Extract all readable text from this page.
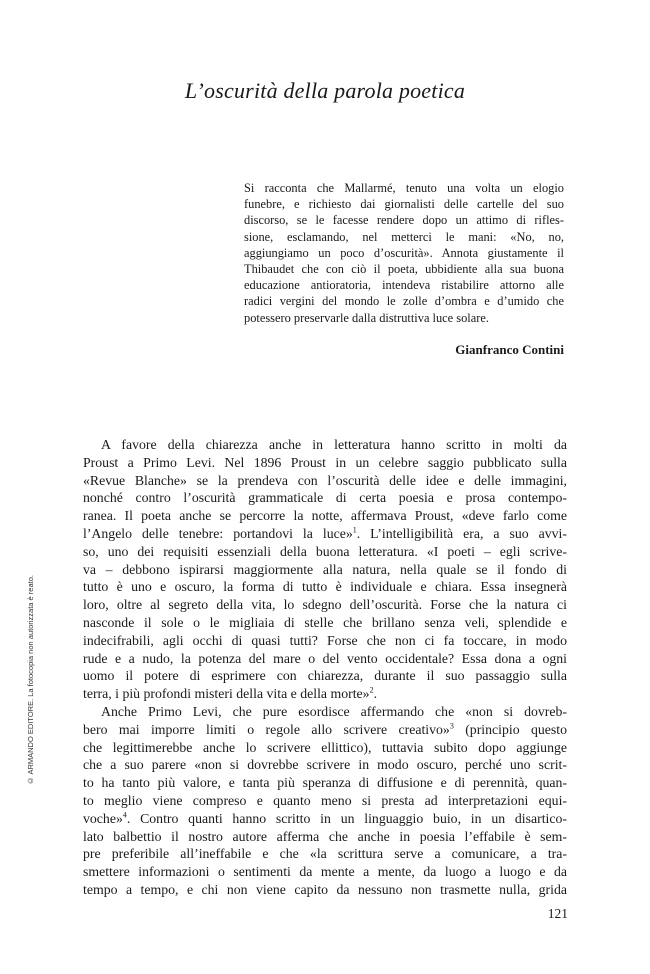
L’oscurità della parola poetica
Si racconta che Mallarmé, tenuto una volta un elogio
funebre, e richiesto dai giornalisti delle cartelle del suo
discorso, se le facesse rendere dopo un attimo di rifles-
sione, esclamando, nel metterci le mani: «No, no,
aggiungiamo un poco d’oscurità». Annota giustamente il
Thibaudet che con ciò il poeta, ubbidiente alla sua buona
educazione antioratoria, intendeva ristabilire attorno alle
radici vergini del mondo le zolle d’ombra e d’umido che
potessero preservarle dalla distruttiva luce solare.
Gianfranco Contini
A favore della chiarezza anche in letteratura hanno scritto in molti da
Proust a Primo Levi. Nel 1896 Proust in un celebre saggio pubblicato sulla
«Revue Blanche» se la prendeva con l’oscurità delle idee e delle immagini,
nonché contro l’oscurità grammaticale di certa poesia e prosa contempo-
ranea. Il poeta anche se percorre la notte, affermava Proust, «deve farlo come
l’Angelo delle tenebre: portandovi la luce»$^1$. L’intelligibilità era, a suo avvi-
so, uno dei requisiti essenziali della buona letteratura. «I poeti – egli scrive-
va – debbono ispirarsi maggiormente alla natura, nella quale se il fondo di
tutto è uno e oscuro, la forma di tutto è individuale e chiara. Essa insegnerà
loro, oltre al segreto della vita, lo sdegno dell’oscurità. Forse che la natura ci
nasconde il sole o le migliaia di stelle che brillano senza veli, splendide e
indecifrabili, agli occhi di quasi tutti? Forse che non ci fa toccare, in modo
rude e a nudo, la potenza del mare o del vento occidentale? Essa dona a ogni
uomo il potere di esprimere con chiarezza, durante il suo passaggio sulla
terra, i più profondi misteri della vita e della morte»$^2$.
Anche Primo Levi, che pure esordisce affermando che «non si dovreb-
bero mai imporre limiti o regole allo scrivere creativo»$^3$ (principio questo
che legittimerebbe anche lo scrivere ellittico), tuttavia subito dopo aggiunge
che a suo parere «non si dovrebbe scrivere in modo oscuro, perché uno scrit-
to ha tanto più valore, e tanta più speranza di diffusione e di perennità, quan-
to meglio viene compreso e quanto meno si presta ad interpretazioni equi-
voche»$^4$. Contro quanti hanno scritto in un linguaggio buio, in un disartico-
lato balbettio il nostro autore afferma che anche in poesia l’effabile è sem-
pre preferibile all’ineffabile e che «la scrittura serve a comunicare, a tra-
smettere informazioni o sentimenti da mente a mente, da luogo a luogo e da
tempo a tempo, e chi non viene capito da nessuno non trasmette nulla, grida
© ARMANDO EDITORE. La fotocopia non autorizzata è reato.
121
